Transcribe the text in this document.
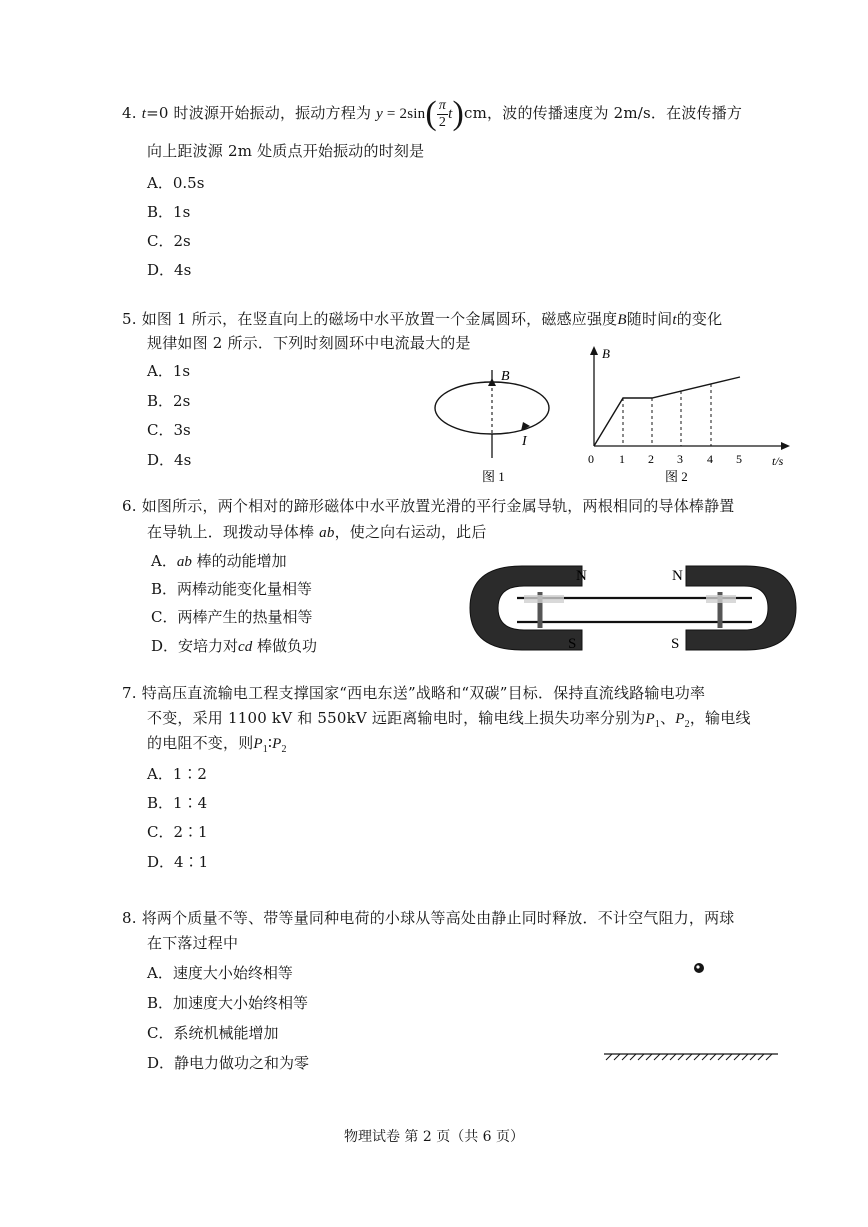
4. t=0 时波源开始振动，振动方程为 $y = 2\sin( \frac{\pi}{2} t)cm$，波的传播速度为 2m/s．在波传播方
向上距波源 2m 处质点开始振动的时刻是
A．0.5s
B．1s
C．2s
D．4s
5. 如图 1 所示，在竖直向上的磁场中水平放置一个金属圆环，磁感应强度B随时间t的变化
规律如图 2 所示．下列时刻圆环中电流最大的是
A．1s
B．2s
C．3s
D．4s
B
I
图 1
B
0 1 2 3 4 5	t/s
图 2
6. 如图所示，两个相对的蹄形磁体中水平放置光滑的平行金属导轨，两根相同的导体棒静置
在导轨上．现拨动导体棒 ab，使之向右运动，此后
A．ab 棒的动能增加
B．两棒动能变化量相等
C．两棒产生的热量相等
D．安培力对cd 棒做负功
N
S
N
S
7. 特高压直流输电工程支撑国家“西电东送”战略和“双碳”目标．保持直流线路输电功率
不变，采用 1100 kV 和 550kV 远距离输电时，输电线上损失功率分别为$P_1$、$P_2$，输电线
的电阻不变，则$P_1∶P_2$
A．1∶2
B．1∶4
C．2∶1
D．4∶1
8. 将两个质量不等、带等量同种电荷的小球从等高处由静止同时释放．不计空气阻力，两球
在下落过程中
A．速度大小始终相等
B．加速度大小始终相等
C．系统机械能增加
D．静电力做功之和为零
物理试卷 第 2 页（共 6 页）
